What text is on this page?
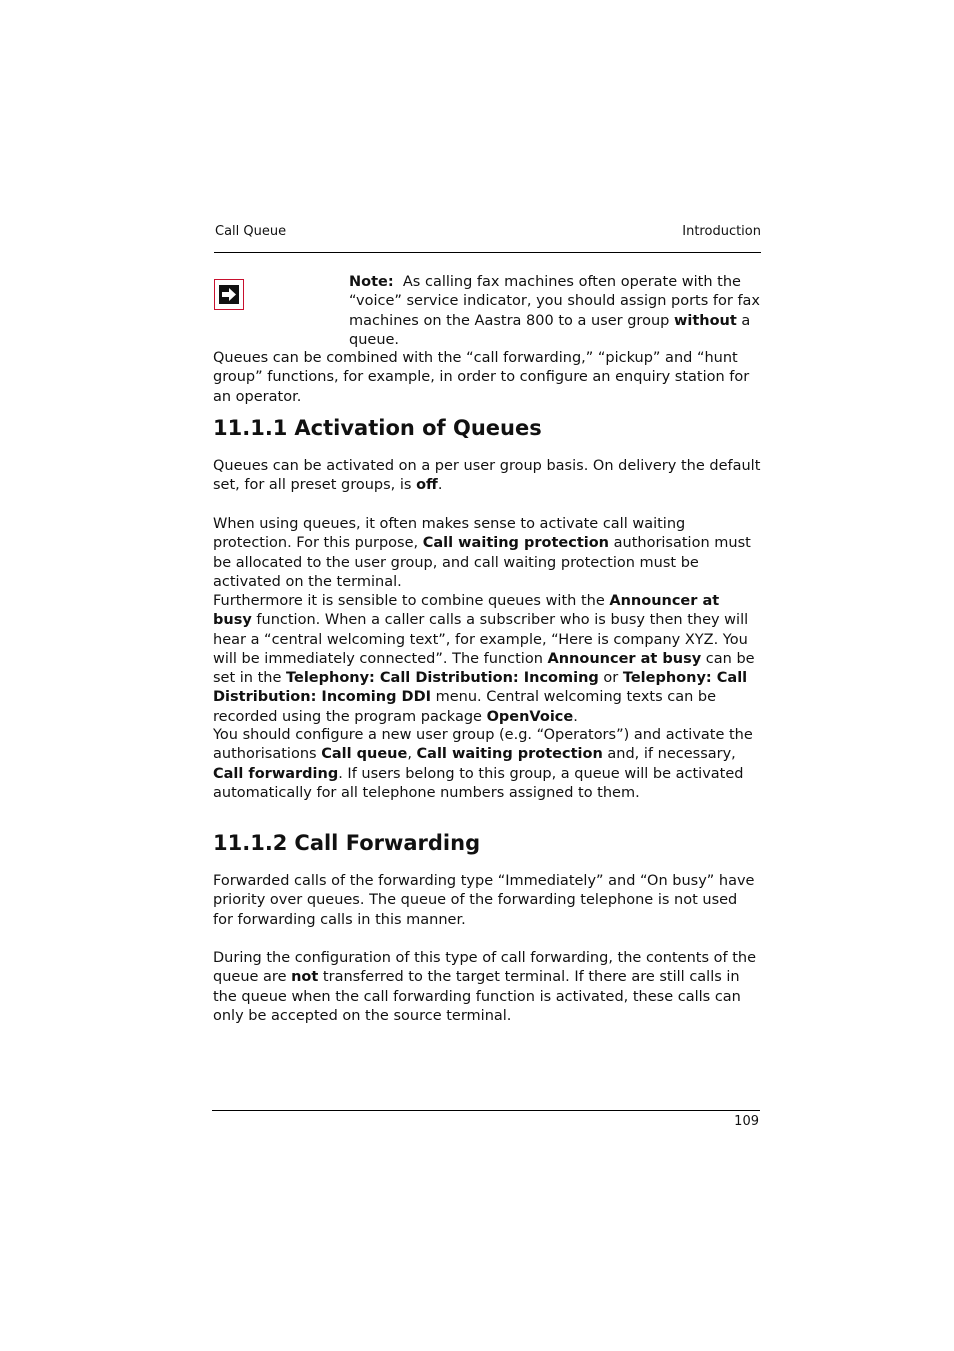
Call Queue	Introduction
Note: As calling fax machines often operate with the “voice” service indicator, you should assign ports for fax machines on the Aastra 800 to a user group without a queue.

Queues can be combined with the “call forwarding,” “pickup” and “hunt group” functions, for example, in order to configure an enquiry station for an operator.

11.1.1 Activation of Queues

Queues can be activated on a per user group basis. On delivery the default set, for all preset groups, is off.

When using queues, it often makes sense to activate call waiting protection. For this purpose, Call waiting protection authorisation must be allocated to the user group, and call waiting protection must be activated on the terminal.

Furthermore it is sensible to combine queues with the Announcer at busy function. When a caller calls a subscriber who is busy then they will hear a “central welcoming text”, for example, “Here is company XYZ. You will be immediately connected”. The function Announcer at busy can be set in the Telephony: Call Distribution: Incoming or Telephony: Call Distribution: Incoming DDI menu. Central welcoming texts can be recorded using the program package OpenVoice.

You should configure a new user group (e.g. “Operators”) and activate the authorisations Call queue, Call waiting protection and, if necessary, Call forwarding. If users belong to this group, a queue will be activated automatically for all telephone numbers assigned to them.

11.1.2 Call Forwarding

Forwarded calls of the forwarding type “Immediately” and “On busy” have priority over queues. The queue of the forwarding telephone is not used for forwarding calls in this manner.

During the configuration of this type of call forwarding, the contents of the queue are not transferred to the target terminal. If there are still calls in the queue when the call forwarding function is activated, these calls can only be accepted on the source terminal.

109
